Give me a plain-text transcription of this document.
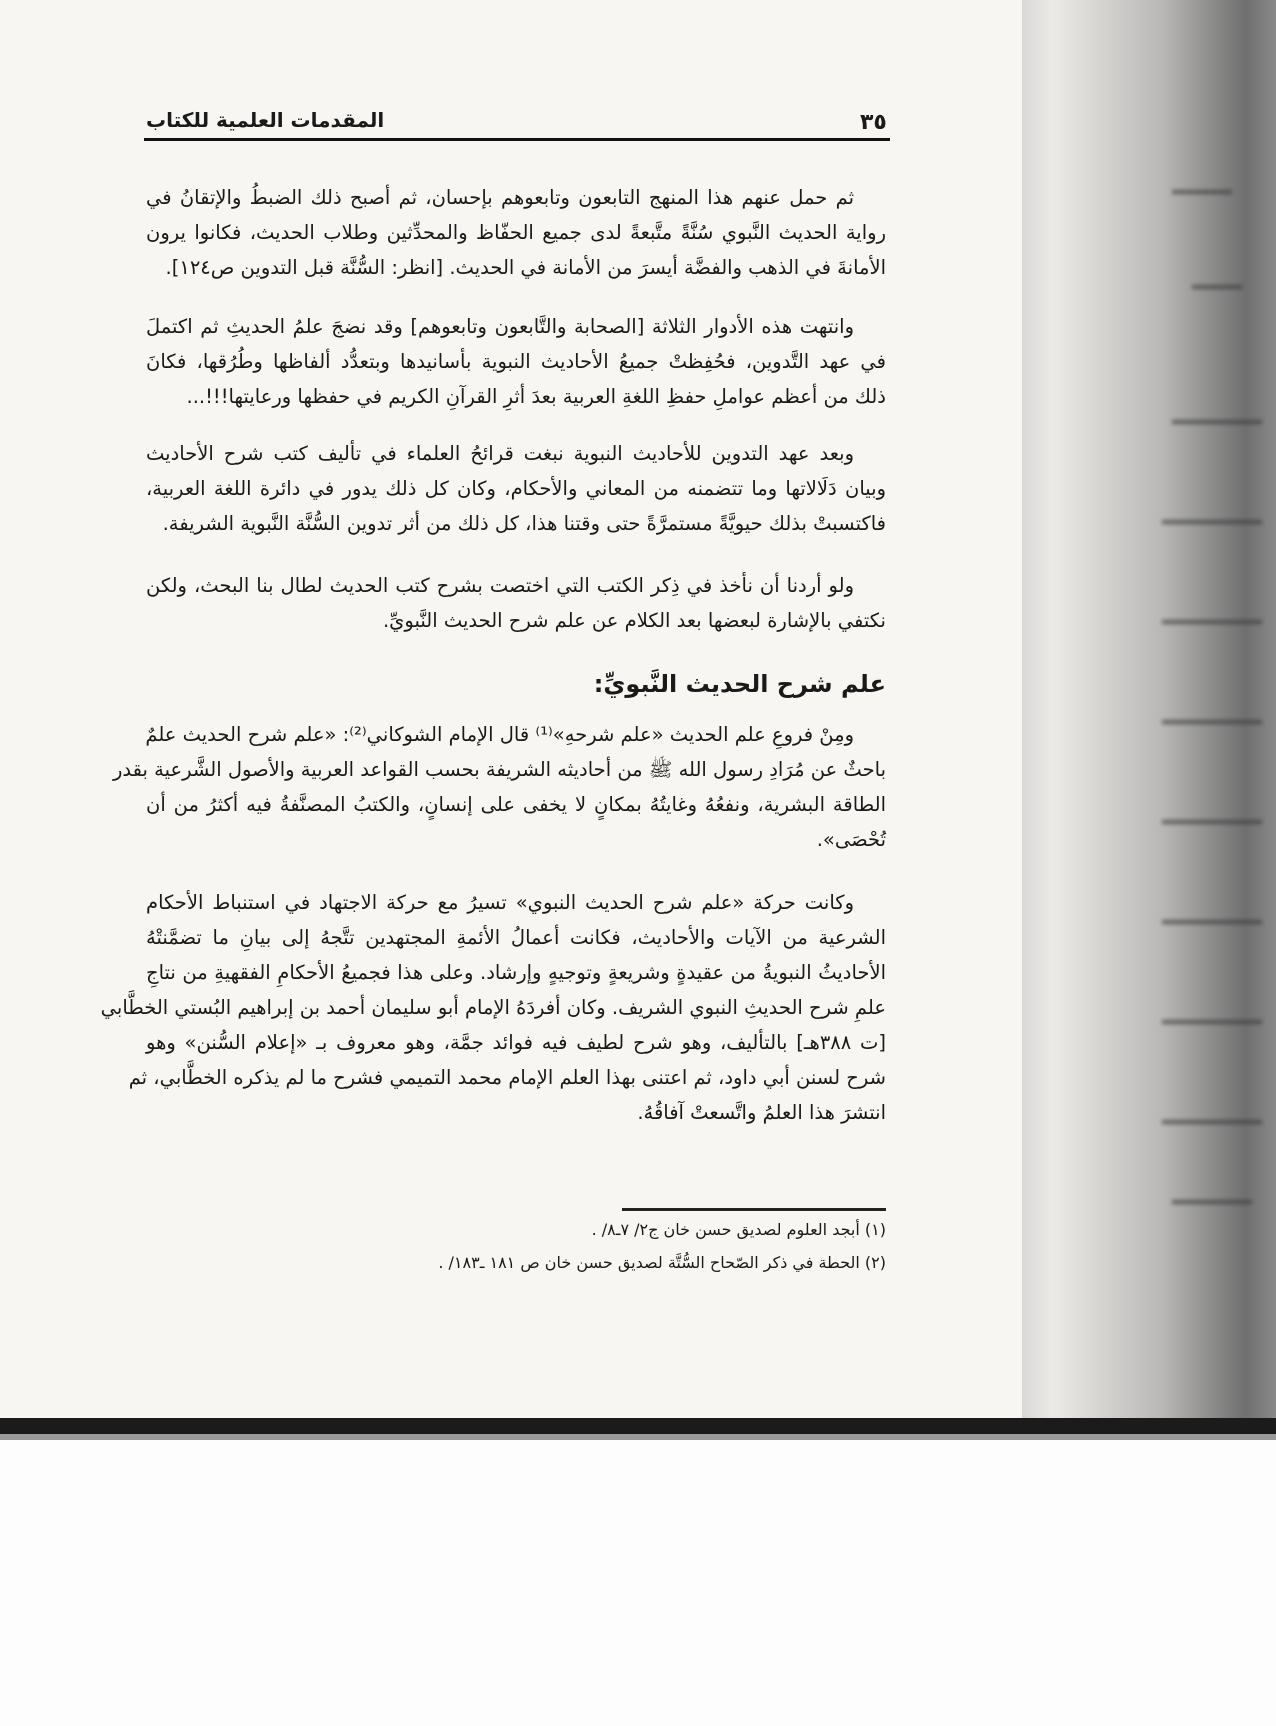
المقدمات العلمية للكتاب	٣٥
ثم حمل عنهم هذا المنهج التابعون وتابعوهم بإحسان، ثم أصبح ذلك الضبطُ والإتقانُ في
رواية الحديث النَّبوي سُنَّةً متَّبعةً لدى جميع الحفّاظ والمحدِّثين وطلاب الحديث، فكانوا يرون
الأمانةَ في الذهب والفضَّة أيسرَ من الأمانة في الحديث. [انظر: السُّنَّة قبل التدوين ص١٢٤].
وانتهت هذه الأدوار الثلاثة [الصحابة والتَّابعون وتابعوهم] وقد نضجَ علمُ الحديثِ ثم اكتملَ
في عهد التَّدوين، فحُفِظتْ جميعُ الأحاديث النبوية بأسانيدها وبتعدُّد ألفاظها وطُرُقها، فكانَ
ذلك من أعظم عواملِ حفظِ اللغةِ العربية بعدَ أثرِ القرآنِ الكريم في حفظها ورعايتها!!!...
وبعد عهد التدوين للأحاديث النبوية نبغت قرائحُ العلماء في تأليف كتب شرح الأحاديث
وبيان دَلَالاتها وما تتضمنه من المعاني والأحكام، وكان كل ذلك يدور في دائرة اللغة العربية،
فاكتسبتْ بذلك حيويَّةً مستمرَّةً حتى وقتنا هذا، كل ذلك من أثر تدوين السُّنَّة النَّبوية الشريفة.
ولو أردنا أن نأخذ في ذِكر الكتب التي اختصت بشرح كتب الحديث لطال بنا البحث، ولكن
نكتفي بالإشارة لبعضها بعد الكلام عن علم شرح الحديث النَّبويِّ.
علم شرح الحديث النَّبويِّ:
ومِنْ فروعِ علم الحديث «علم شرحهِ»⁽¹⁾ قال الإمام الشوكاني⁽²⁾: «علم شرح الحديث علمٌ
باحثٌ عن مُرَادِ رسول الله ﷺ من أحاديثه الشريفة بحسب القواعد العربية والأصول الشَّرعية بقدر
الطاقة البشرية، ونفعُهُ وغايتُهُ بمكانٍ لا يخفى على إنسانٍ، والكتبُ المصنَّفةُ فيه أكثرُ من أن
تُحْصَى».
وكانت حركة «علم شرح الحديث النبوي» تسيرُ مع حركة الاجتهاد في استنباط الأحكام
الشرعية من الآيات والأحاديث، فكانت أعمالُ الأئمةِ المجتهدين تتَّجهُ إلى بيانِ ما تضمَّنتْهُ
الأحاديثُ النبويةُ من عقيدةٍ وشريعةٍ وتوجيهٍ وإرشاد. وعلى هذا فجميعُ الأحكامِ الفقهيةِ من نتاجِ
علمِ شرح الحديثِ النبوي الشريف. وكان أفردَهُ الإمام أبو سليمان أحمد بن إبراهيم البُستي الخطَّابي
[ت ٣٨٨هـ] بالتأليف، وهو شرح لطيف فيه فوائد جمَّة، وهو معروف بـ «إعلام السُّنن» وهو
شرح لسنن أبي داود، ثم اعتنى بهذا العلم الإمام محمد التميمي فشرح ما لم يذكره الخطَّابي، ثم
انتشرَ هذا العلمُ واتَّسعتْ آفاقُهُ.
(١) أبجد العلوم لصديق حسن خان ج٢/ ٧ـ٨/ .
(٢) الحطة في ذكر الصّحاح السُّتَّة لصديق حسن خان ص ١٨١ ـ١٨٣/ .
